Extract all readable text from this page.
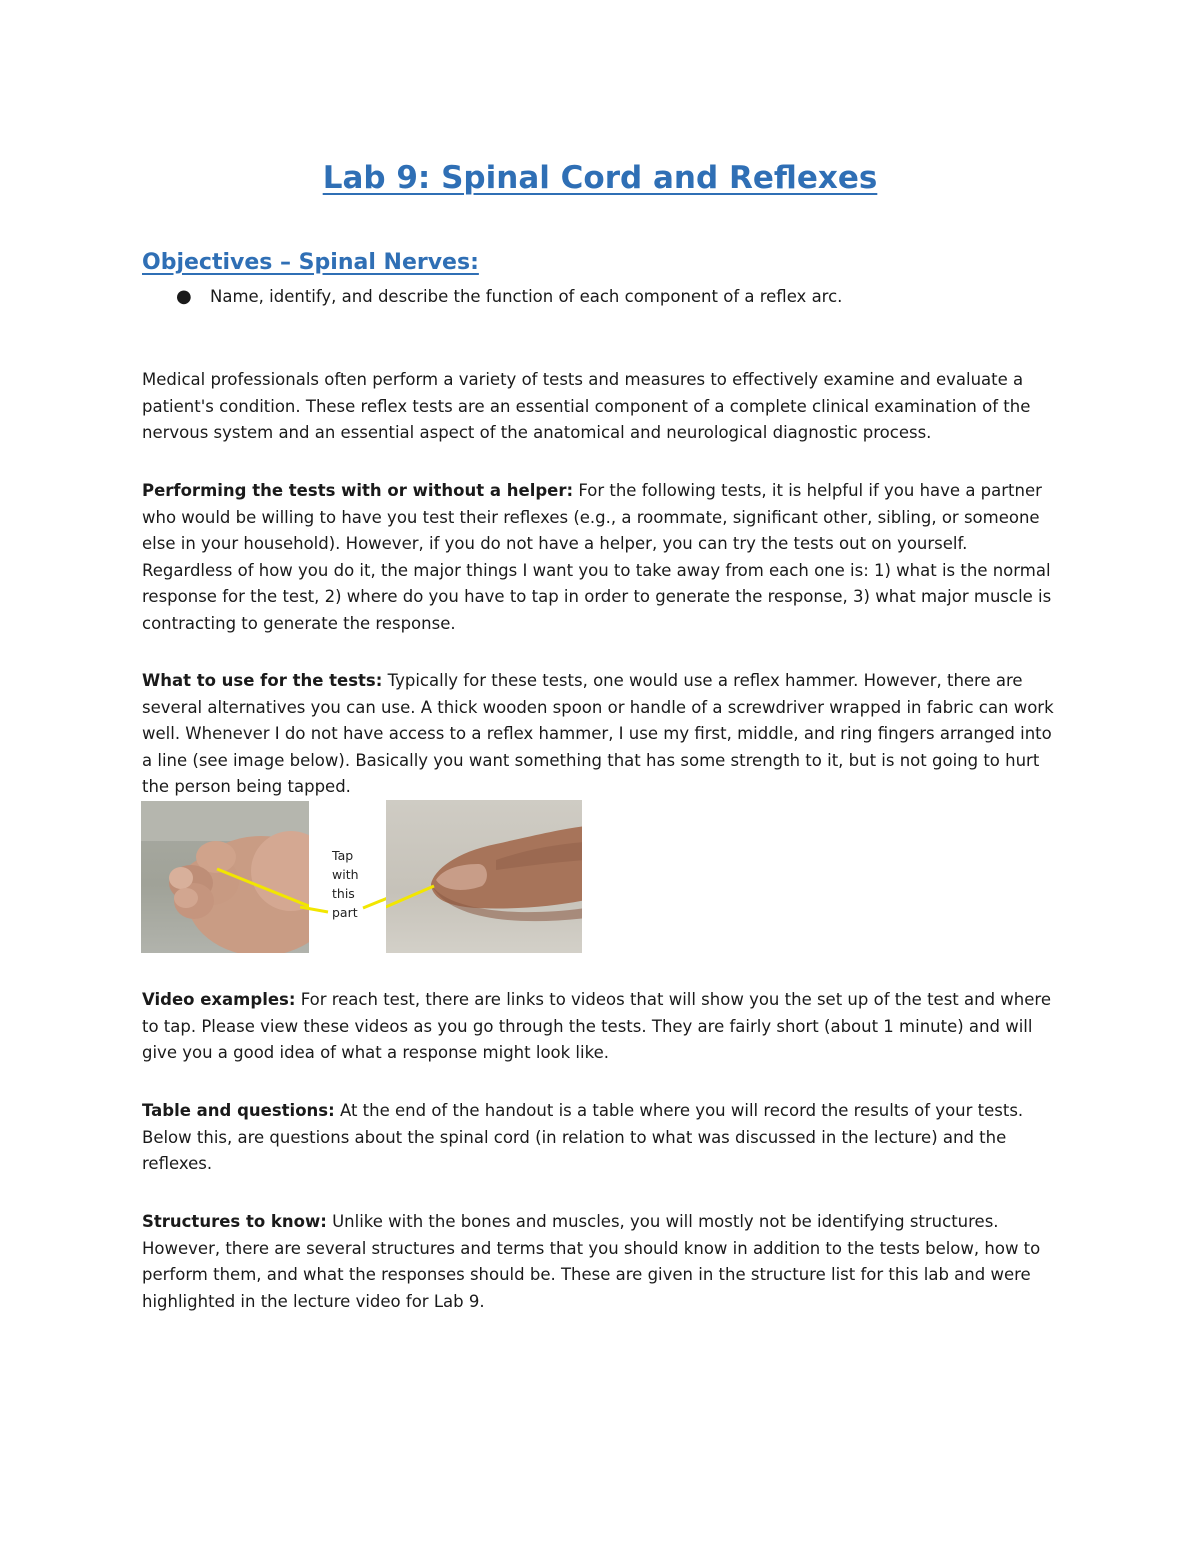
Lab 9: Spinal Cord and Reflexes
Objectives – Spinal Nerves:
● Name, identify, and describe the function of each component of a reflex arc.

Medical professionals often perform a variety of tests and measures to effectively examine and evaluate a patient's condition. These reflex tests are an essential component of a complete clinical examination of the nervous system and an essential aspect of the anatomical and neurological diagnostic process.

Performing the tests with or without a helper: For the following tests, it is helpful if you have a partner who would be willing to have you test their reflexes (e.g., a roommate, significant other, sibling, or someone else in your household). However, if you do not have a helper, you can try the tests out on yourself. Regardless of how you do it, the major things I want you to take away from each one is: 1) what is the normal response for the test, 2) where do you have to tap in order to generate the response, 3) what major muscle is contracting to generate the response.

What to use for the tests: Typically for these tests, one would use a reflex hammer. However, there are several alternatives you can use. A thick wooden spoon or handle of a screwdriver wrapped in fabric can work well. Whenever I do not have access to a reflex hammer, I use my first, middle, and ring fingers arranged into a line (see image below). Basically you want something that has some strength to it, but is not going to hurt the person being tapped.

Tap
with
this
part

Video examples: For reach test, there are links to videos that will show you the set up of the test and where to tap. Please view these videos as you go through the tests. They are fairly short (about 1 minute) and will give you a good idea of what a response might look like.

Table and questions: At the end of the handout is a table where you will record the results of your tests. Below this, are questions about the spinal cord (in relation to what was discussed in the lecture) and the reflexes.

Structures to know: Unlike with the bones and muscles, you will mostly not be identifying structures. However, there are several structures and terms that you should know in addition to the tests below, how to perform them, and what the responses should be. These are given in the structure list for this lab and were highlighted in the lecture video for Lab 9.
